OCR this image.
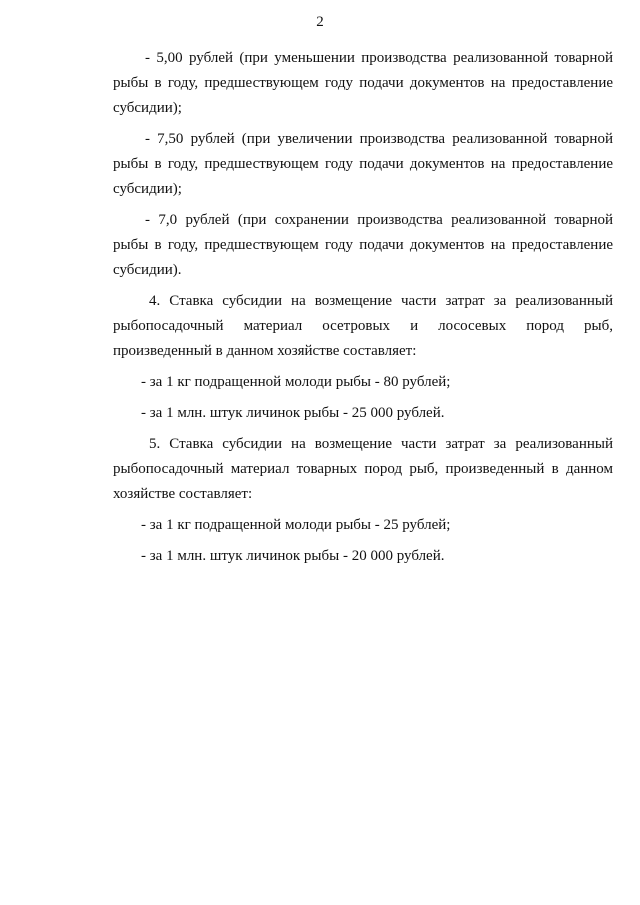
2

- 5,00 рублей (при уменьшении производства реализованной товарной рыбы в году, предшествующем году подачи документов на предоставление субсидии);

- 7,50 рублей (при увеличении производства реализованной товарной рыбы в году, предшествующем году подачи документов на предоставление субсидии);

- 7,0 рублей (при сохранении производства реализованной товарной рыбы в году, предшествующем году подачи документов на предоставление субсидии).

4. Ставка субсидии на возмещение части затрат за реализованный рыбопосадочный материал осетровых и лососевых пород рыб, произведенный в данном хозяйстве составляет:

- за 1 кг подращенной молоди рыбы - 80 рублей;

- за 1 млн. штук личинок рыбы - 25 000 рублей.

5. Ставка субсидии на возмещение части затрат за реализованный рыбопосадочный материал товарных пород рыб, произведенный в данном хозяйстве составляет:

- за 1 кг подращенной молоди рыбы - 25 рублей;

- за 1 млн. штук личинок рыбы - 20 000 рублей.
